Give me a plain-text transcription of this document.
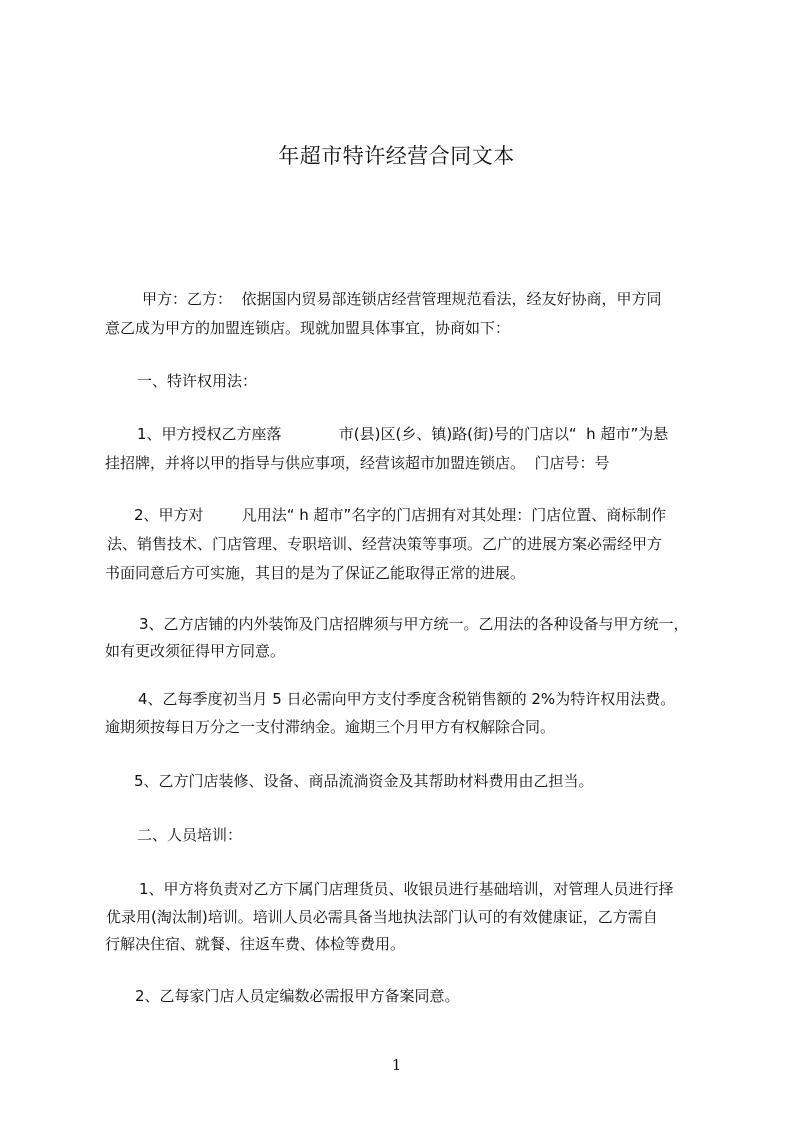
年超市特许经营合同文本
甲方：乙方：  依据国内贸易部连锁店经营管理规范看法，经友好协商，甲方同
意乙成为甲方的加盟连锁店。现就加盟具体事宜，协商如下：
一、特许权用法：
1、甲方授权乙方座落            市(县)区(乡、镇)路(街)号的门店以“  h 超市”为悬
挂招牌，并将以甲的指导与供应事项，经营该超市加盟连锁店。  门店号：号
2、甲方对        凡用法“ h 超市”名字的门店拥有对其处理：门店位置、商标制作
法、销售技术、门店管理、专职培训、经营决策等事项。乙广的进展方案必需经甲方
书面同意后方可实施，其目的是为了保证乙能取得正常的进展。
3、乙方店铺的内外装饰及门店招牌须与甲方统一。乙用法的各种设备与甲方统一，
如有更改须征得甲方同意。
4、乙每季度初当月 5 日必需向甲方支付季度含税销售额的 2%为特许权用法费。
逾期须按每日万分之一支付滞纳金。逾期三个月甲方有权解除合同。
5、乙方门店装修、设备、商品流淌资金及其帮助材料费用由乙担当。
二、人员培训：
1、甲方将负责对乙方下属门店理货员、收银员进行基础培训，对管理人员进行择
优录用(淘汰制)培训。培训人员必需具备当地执法部门认可的有效健康证，乙方需自
行解决住宿、就餐、往返车费、体检等费用。
2、乙每家门店人员定编数必需报甲方备案同意。
1
